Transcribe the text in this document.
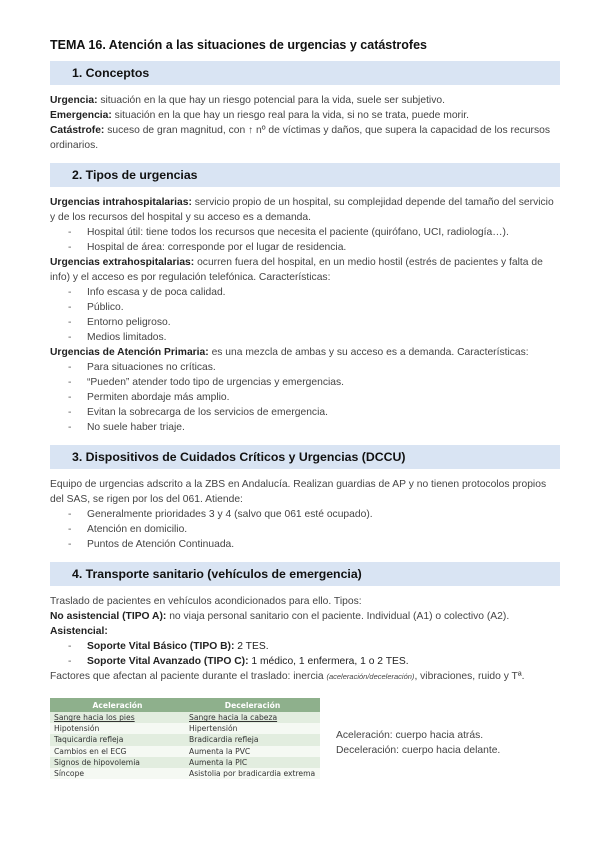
TEMA 16. Atención a las situaciones de urgencias y catástrofes
1. Conceptos

Urgencia: situación en la que hay un riesgo potencial para la vida, suele ser subjetivo.

Emergencia: situación en la que hay un riesgo real para la vida, si no se trata, puede morir.

Catástrofe: suceso de gran magnitud, con ↑ nº de víctimas y daños, que supera la capacidad de los recursos ordinarios.

2. Tipos de urgencias

Urgencias intrahospitalarias: servicio propio de un hospital, su complejidad depende del tamaño del servicio y de los recursos del hospital y su acceso es a demanda.

- Hospital útil: tiene todos los recursos que necesita el paciente (quirófano, UCI, radiología…).
- Hospital de área: corresponde por el lugar de residencia.

Urgencias extrahospitalarias: ocurren fuera del hospital, en un medio hostil (estrés de pacientes y falta de info) y el acceso es por regulación telefónica. Características:

- Info escasa y de poca calidad.
- Público.
- Entorno peligroso.
- Medios limitados.

Urgencias de Atención Primaria: es una mezcla de ambas y su acceso es a demanda. Características:

- Para situaciones no críticas.
- “Pueden” atender todo tipo de urgencias y emergencias.
- Permiten abordaje más amplio.
- Evitan la sobrecarga de los servicios de emergencia.
- No suele haber triaje.
3. Dispositivos de Cuidados Críticos y Urgencias (DCCU)

Equipo de urgencias adscrito a la ZBS en Andalucía. Realizan guardias de AP y no tienen protocolos propios del SAS, se rigen por los del 061. Atiende:

- Generalmente prioridades 3 y 4 (salvo que 061 esté ocupado).
- Atención en domicilio.
- Puntos de Atención Continuada.
4. Transporte sanitario (vehículos de emergencia)

Traslado de pacientes en vehículos acondicionados para ello. Tipos:

No asistencial (TIPO A): no viaja personal sanitario con el paciente. Individual (A1) o colectivo (A2).

Asistencial:

- Soporte Vital Básico (TIPO B): 2 TES.
- Soporte Vital Avanzado (TIPO C): 1 médico, 1 enfermera, 1 o 2 TES.

Factores que afectan al paciente durante el traslado: inercia (aceleración/deceleración), vibraciones, ruido y Tª.

Aceleración	Deceleración
Sangre hacia los pies	Sangre hacia la cabeza
Hipotensión	Hipertensión
Taquicardia refleja	Bradicardia refleja
Cambios en el ECG	Aumenta la PVC
Signos de hipovolemia	Aumenta la PIC
Síncope	Asistolia por bradicardia extrema
Aceleración: cuerpo hacia atrás.
Deceleración: cuerpo hacia delante.
